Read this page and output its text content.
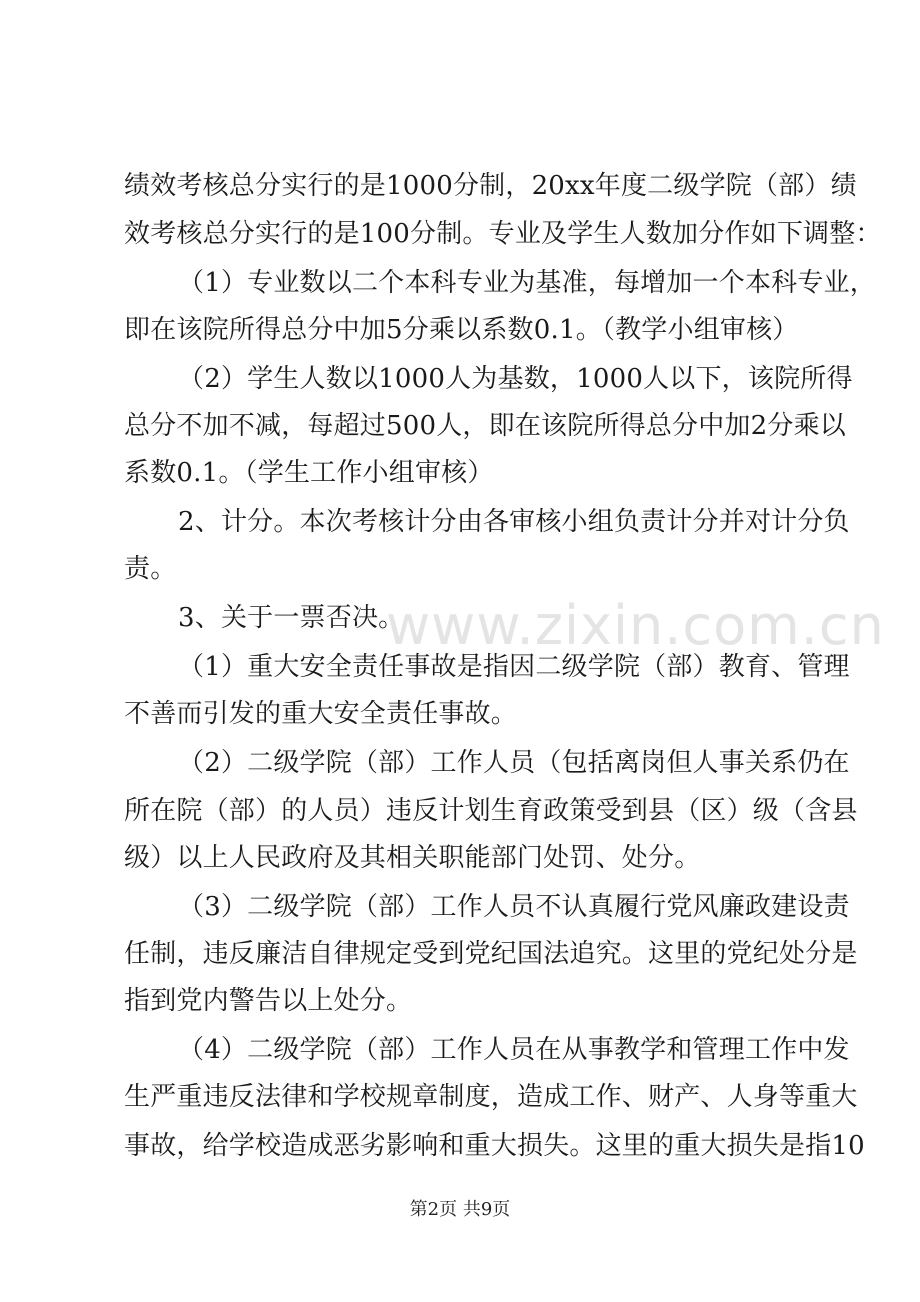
www.zixin.com.cn
绩效考核总分实行的是1000分制，20xx年度二级学院（部）绩
效考核总分实行的是100分制。专业及学生人数加分作如下调整：
（1）专业数以二个本科专业为基准，每增加一个本科专业，
即在该院所得总分中加5分乘以系数0.1。（教学小组审核）
（2）学生人数以1000人为基数，1000人以下，该院所得
总分不加不减，每超过500人，即在该院所得总分中加2分乘以
系数0.1。（学生工作小组审核）
2、计分。本次考核计分由各审核小组负责计分并对计分负
责。
3、关于一票否决。
（1）重大安全责任事故是指因二级学院（部）教育、管理
不善而引发的重大安全责任事故。
（2）二级学院（部）工作人员（包括离岗但人事关系仍在
所在院（部）的人员）违反计划生育政策受到县（区）级（含县
级）以上人民政府及其相关职能部门处罚、处分。
（3）二级学院（部）工作人员不认真履行党风廉政建设责
任制，违反廉洁自律规定受到党纪国法追究。这里的党纪处分是
指到党内警告以上处分。
（4）二级学院（部）工作人员在从事教学和管理工作中发
生严重违反法律和学校规章制度，造成工作、财产、人身等重大
事故，给学校造成恶劣影响和重大损失。这里的重大损失是指10
第2页 共9页
